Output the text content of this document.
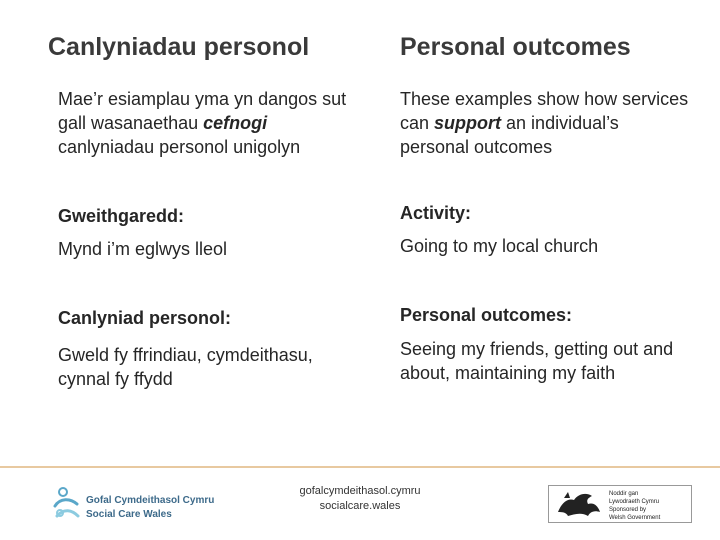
Canlyniadau personol

Mae’r esiamplau yma yn dangos sut gall wasanaethau cefnogi canlyniadau personol unigolyn

Gweithgaredd:
Mynd i’m eglwys lleol
Canlyniad personol:
Gweld fy ffrindiau, cymdeithasu, cynnal fy ffydd
Personal outcomes

These examples show how services can support an individual’s personal outcomes

Activity:
Going to my local church
Personal outcomes:
Seeing my friends, getting out and about, maintaining my faith
Gofal Cymdeithasol Cymru
Social Care Wales
gofalcymdeithasol.cymru
socialcare.wales
Noddir gan
Lywodraeth Cymru
Sponsored by
Welsh Government
